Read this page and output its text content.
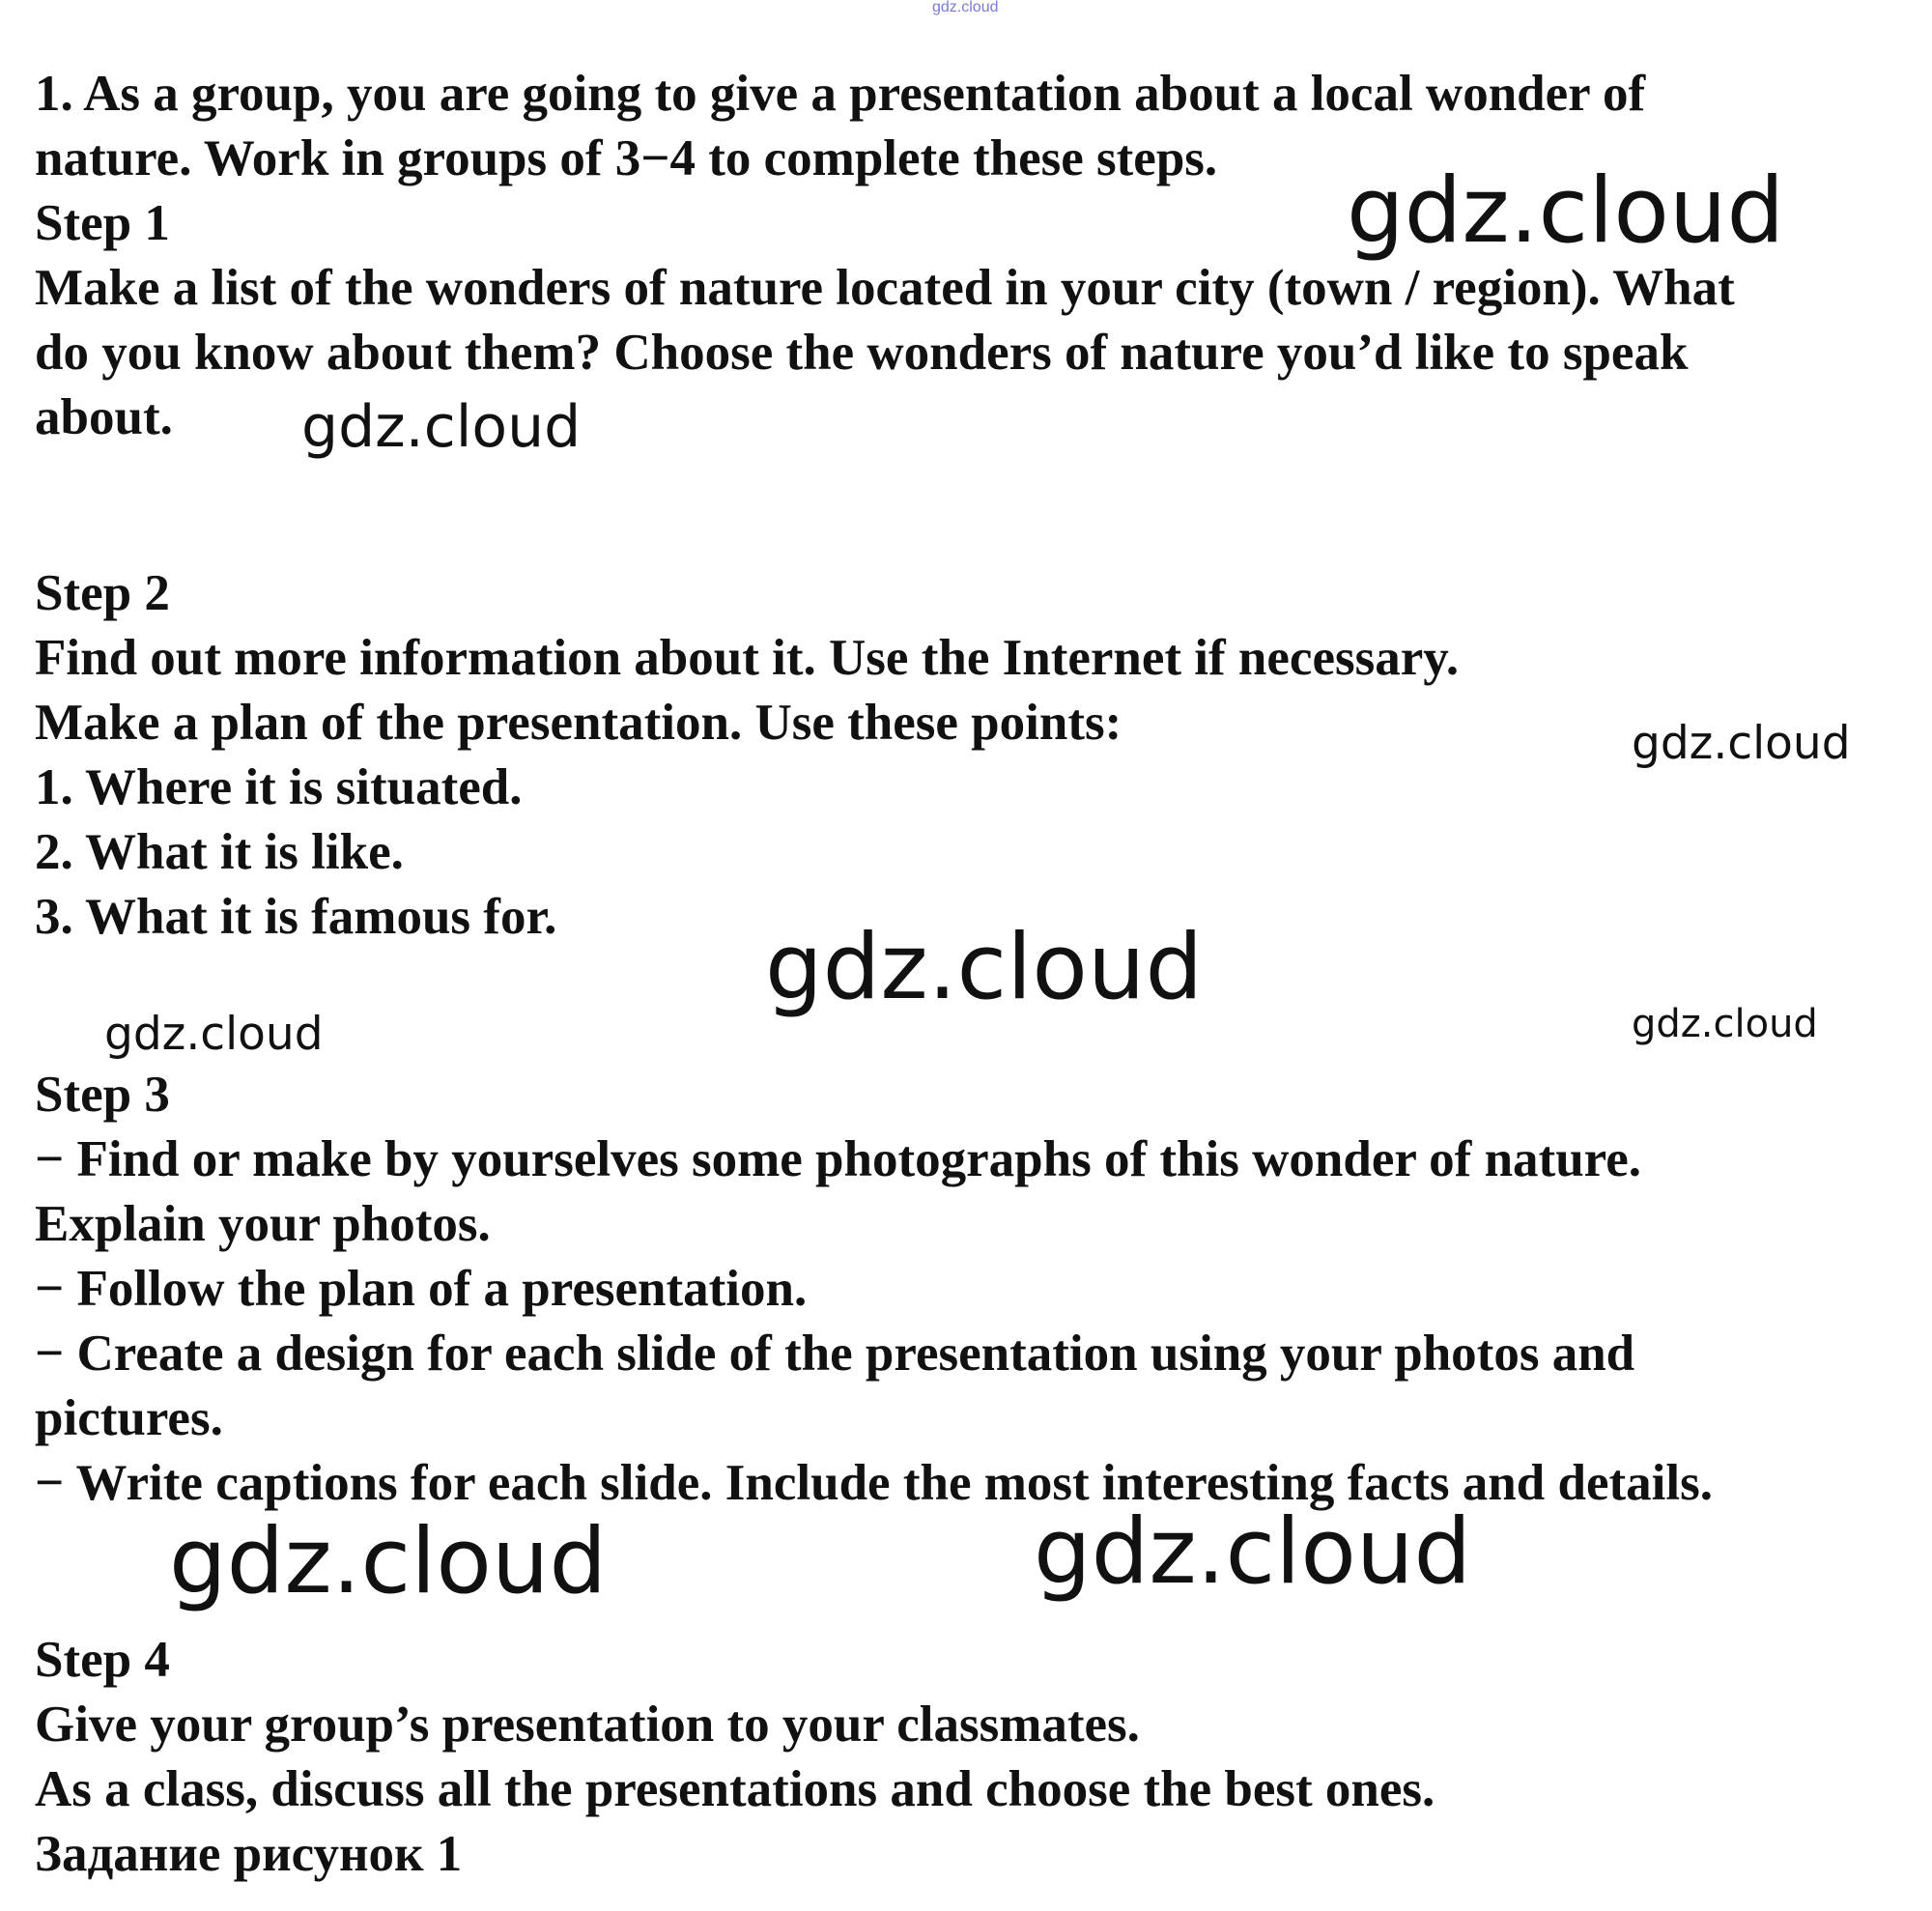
gdz.cloud

1. As a group, you are going to give a presentation about a local wonder of

nature. Work in groups of 3−4 to complete these steps.

Step 1

Make a list of the wonders of nature located in your city (town / region). What

do you know about them? Choose the wonders of nature you’d like to speak

about.

Step 2

Find out more information about it. Use the Internet if necessary.

Make a plan of the presentation. Use these points:

1. Where it is situated.

2. What it is like.

3. What it is famous for.

Step 3

− Find or make by yourselves some photographs of this wonder of nature.

Explain your photos.

− Follow the plan of a presentation.

− Create a design for each slide of the presentation using your photos and

pictures.

− Write captions for each slide. Include the most interesting facts and details.

Step 4

Give your group’s presentation to your classmates.

As a class, discuss all the presentations and choose the best ones.

Задание рисунок 1

gdz.cloud
gdz.cloud
gdz.cloud
gdz.cloud
gdz.cloud	gdz.cloud
gdz.cloud	gdz.cloud
